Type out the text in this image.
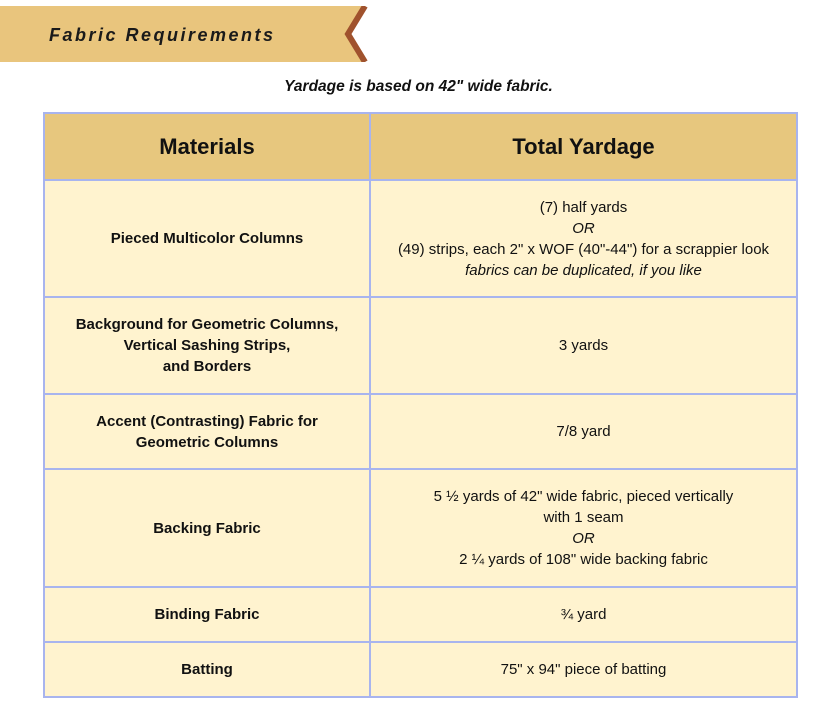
Fabric Requirements
Yardage is based on 42" wide fabric.
Materials	Total Yardage

Pieced Multicolor Columns	(7) half yards
OR
(49) strips, each 2" x WOF (40"-44") for a scrappier look
fabrics can be duplicated, if you like

Background for Geometric Columns,
Vertical Sashing Strips,
and Borders	3 yards

Accent (Contrasting) Fabric for
Geometric Columns	7/8 yard

Backing Fabric	5 ½ yards of 42" wide fabric, pieced vertically
with 1 seam
OR
2 ¼ yards of 108" wide backing fabric

Binding Fabric	¾ yard

Batting	75" x 94" piece of batting
